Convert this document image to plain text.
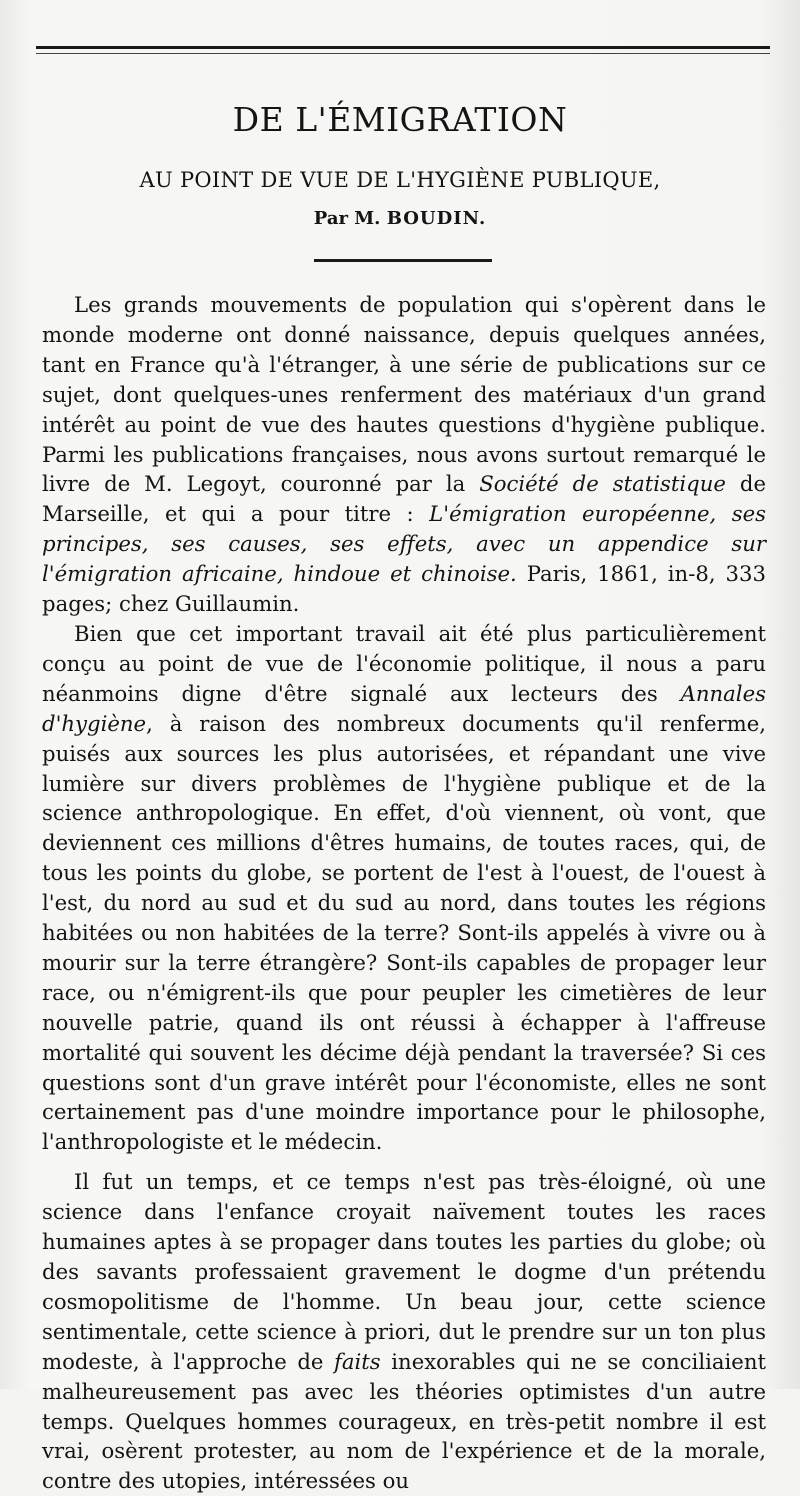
DE L'ÉMIGRATION
AU POINT DE VUE DE L'HYGIÈNE PUBLIQUE,

Par M. BOUDIN.

Les grands mouvements de population qui s'opèrent dans le monde moderne ont donné naissance, depuis quelques années, tant en France qu'à l'étranger, à une série de publications sur ce sujet, dont quelques-unes renferment des matériaux d'un grand intérêt au point de vue des hautes questions d'hygiène publique. Parmi les publications françaises, nous avons surtout remarqué le livre de M. Legoyt, couronné par la Société de statistique de Marseille, et qui a pour titre : L'émigration européenne, ses principes, ses causes, ses effets, avec un appendice sur l'émigration africaine, hindoue et chinoise. Paris, 1861, in-8, 333 pages; chez Guillaumin.

Bien que cet important travail ait été plus particulièrement conçu au point de vue de l'économie politique, il nous a paru néanmoins digne d'être signalé aux lecteurs des Annales d'hygiène, à raison des nombreux documents qu'il renferme, puisés aux sources les plus autorisées, et répandant une vive lumière sur divers problèmes de l'hygiène publique et de la science anthropologique. En effet, d'où viennent, où vont, que deviennent ces millions d'êtres humains, de toutes races, qui, de tous les points du globe, se portent de l'est à l'ouest, de l'ouest à l'est, du nord au sud et du sud au nord, dans toutes les régions habitées ou non habitées de la terre? Sont-ils appelés à vivre ou à mourir sur la terre étrangère? Sont-ils capables de propager leur race, ou n'émigrent-ils que pour peupler les cimetières de leur nouvelle patrie, quand ils ont réussi à échapper à l'affreuse mortalité qui souvent les décime déjà pendant la traversée? Si ces questions sont d'un grave intérêt pour l'économiste, elles ne sont certainement pas d'une moindre importance pour le philosophe, l'anthropologiste et le médecin.

Il fut un temps, et ce temps n'est pas très-éloigné, où une science dans l'enfance croyait naïvement toutes les races humaines aptes à se propager dans toutes les parties du globe; où des savants professaient gravement le dogme d'un prétendu cosmopolitisme de l'homme. Un beau jour, cette science sentimentale, cette science à priori, dut le prendre sur un ton plus modeste, à l'approche de faits inexorables qui ne se conciliaient malheureusement pas avec les théories optimistes d'un autre temps. Quelques hommes courageux, en très-petit nombre il est vrai, osèrent protester, au nom de l'expérience et de la morale, contre des utopies, intéressées ou
